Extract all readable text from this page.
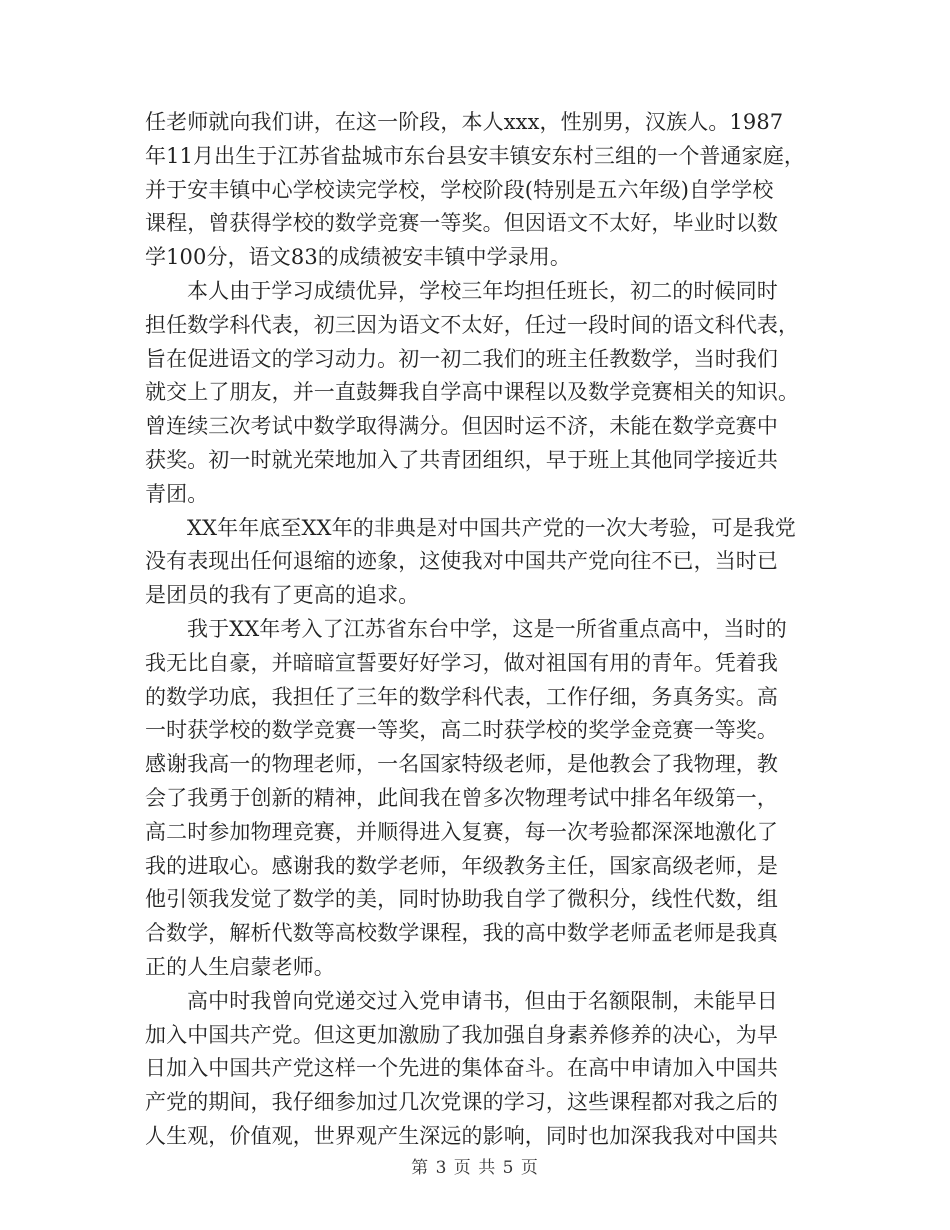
任老师就向我们讲，在这一阶段，本人xxx，性别男，汉族人。1987
年11月出生于江苏省盐城市东台县安丰镇安东村三组的一个普通家庭，
并于安丰镇中心学校读完学校，学校阶段(特别是五六年级)自学学校
课程，曾获得学校的数学竞赛一等奖。但因语文不太好，毕业时以数
学100分，语文83的成绩被安丰镇中学录用。

本人由于学习成绩优异，学校三年均担任班长，初二的时候同时
担任数学科代表，初三因为语文不太好，任过一段时间的语文科代表，
旨在促进语文的学习动力。初一初二我们的班主任教数学，当时我们
就交上了朋友，并一直鼓舞我自学高中课程以及数学竞赛相关的知识。
曾连续三次考试中数学取得满分。但因时运不济，未能在数学竞赛中
获奖。初一时就光荣地加入了共青团组织，早于班上其他同学接近共
青团。

XX年年底至XX年的非典是对中国共产党的一次大考验，可是我党
没有表现出任何退缩的迹象，这使我对中国共产党向往不已，当时已
是团员的我有了更高的追求。

我于XX年考入了江苏省东台中学，这是一所省重点高中，当时的
我无比自豪，并暗暗宣誓要好好学习，做对祖国有用的青年。凭着我
的数学功底，我担任了三年的数学科代表，工作仔细，务真务实。高
一时获学校的数学竞赛一等奖，高二时获学校的奖学金竞赛一等奖。
感谢我高一的物理老师，一名国家特级老师，是他教会了我物理，教
会了我勇于创新的精神，此间我在曾多次物理考试中排名年级第一，
高二时参加物理竞赛，并顺得进入复赛，每一次考验都深深地激化了
我的进取心。感谢我的数学老师，年级教务主任，国家高级老师，是
他引领我发觉了数学的美，同时协助我自学了微积分，线性代数，组
合数学，解析代数等高校数学课程，我的高中数学老师孟老师是我真
正的人生启蒙老师。

高中时我曾向党递交过入党申请书，但由于名额限制，未能早日
加入中国共产党。但这更加激励了我加强自身素养修养的决心，为早
日加入中国共产党这样一个先进的集体奋斗。在高中申请加入中国共
产党的期间，我仔细参加过几次党课的学习，这些课程都对我之后的
人生观，价值观，世界观产生深远的影响，同时也加深我我对中国共

第 3 页 共 5 页
